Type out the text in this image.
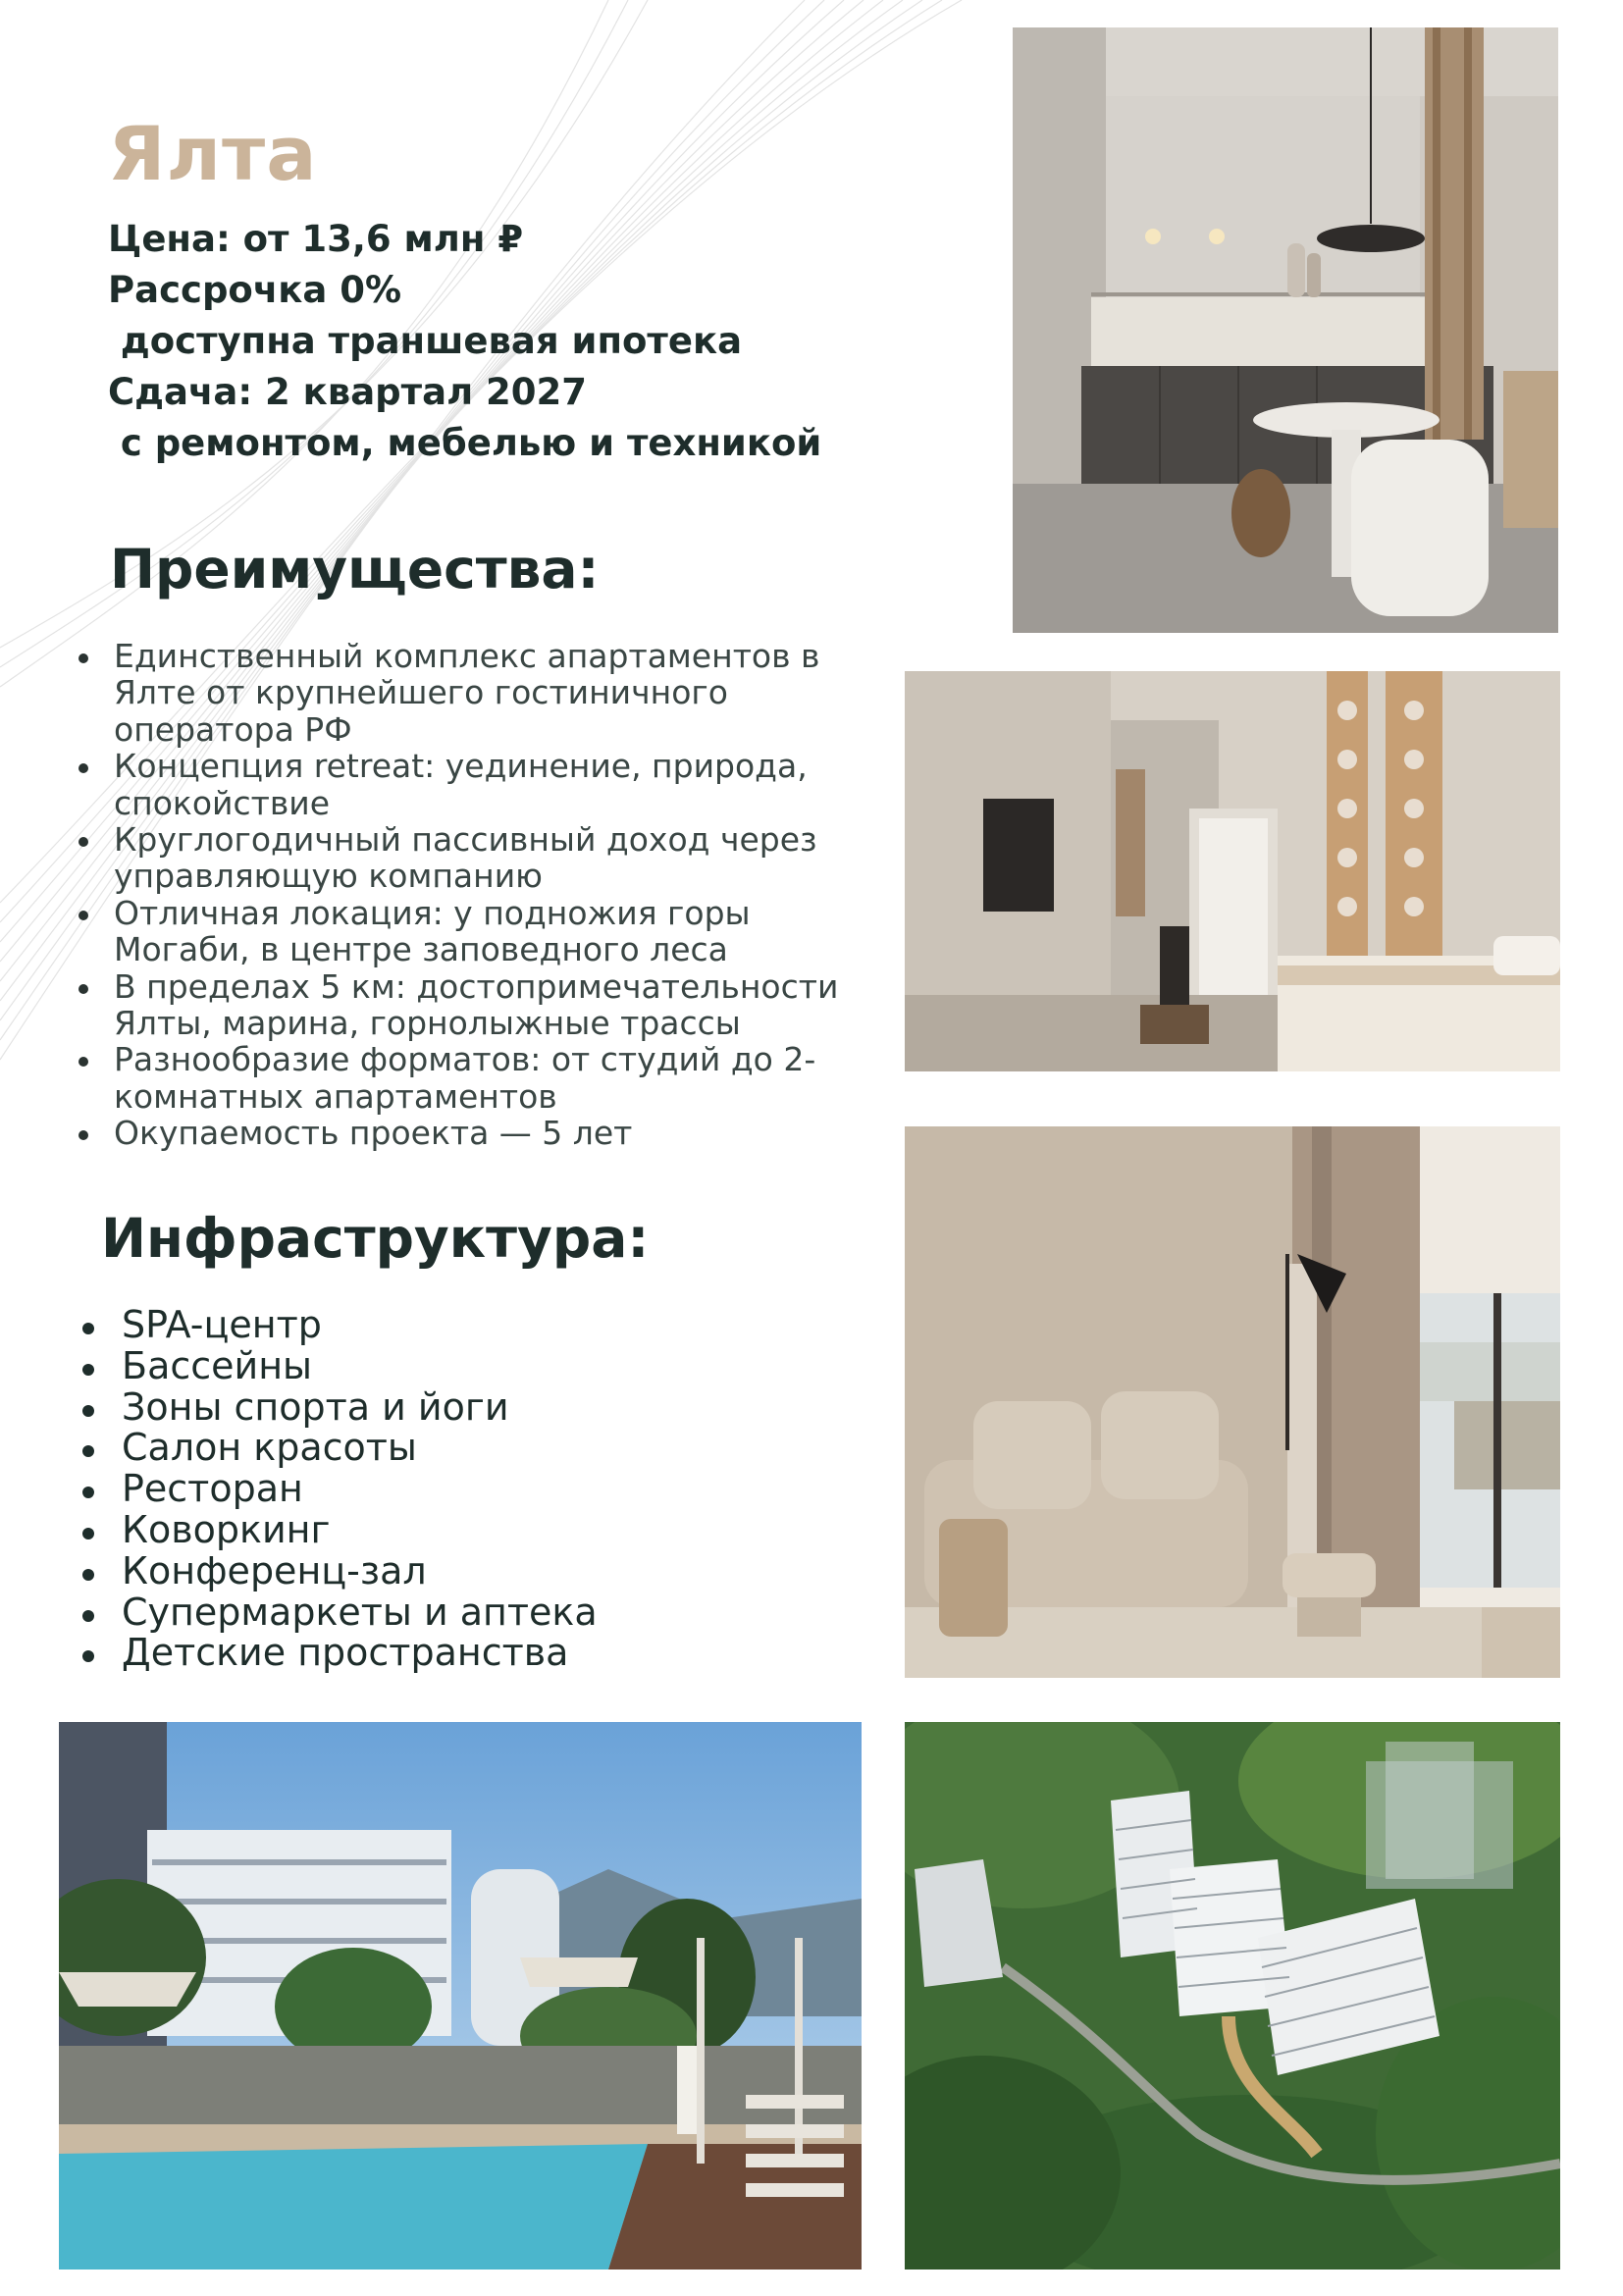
Ялта
Цена: от 13,6 млн ₽
Рассрочка 0%
доступна траншевая ипотека
Сдача: 2 квартал 2027
с ремонтом, мебелью и техникой
Преимущества:
Единственный комплекс апартаментов в Ялте от крупнейшего гостиничного оператора РФ
Концепция retreat: уединение, природа, спокойствие
Круглогодичный пассивный доход через управляющую компанию
Отличная локация: у подножия горы Могаби, в центре заповедного леса
В пределах 5 км: достопримечательности Ялты, марина, горнолыжные трассы
Разнообразие форматов: от студий до 2-комнатных апартаментов
Окупаемость проекта — 5 лет
Инфраструктура:
SPA-центр
Бассейны
Зоны спорта и йоги
Салон красоты
Ресторан
Коворкинг
Конференц-зал
Супермаркеты и аптека
Детские пространства
